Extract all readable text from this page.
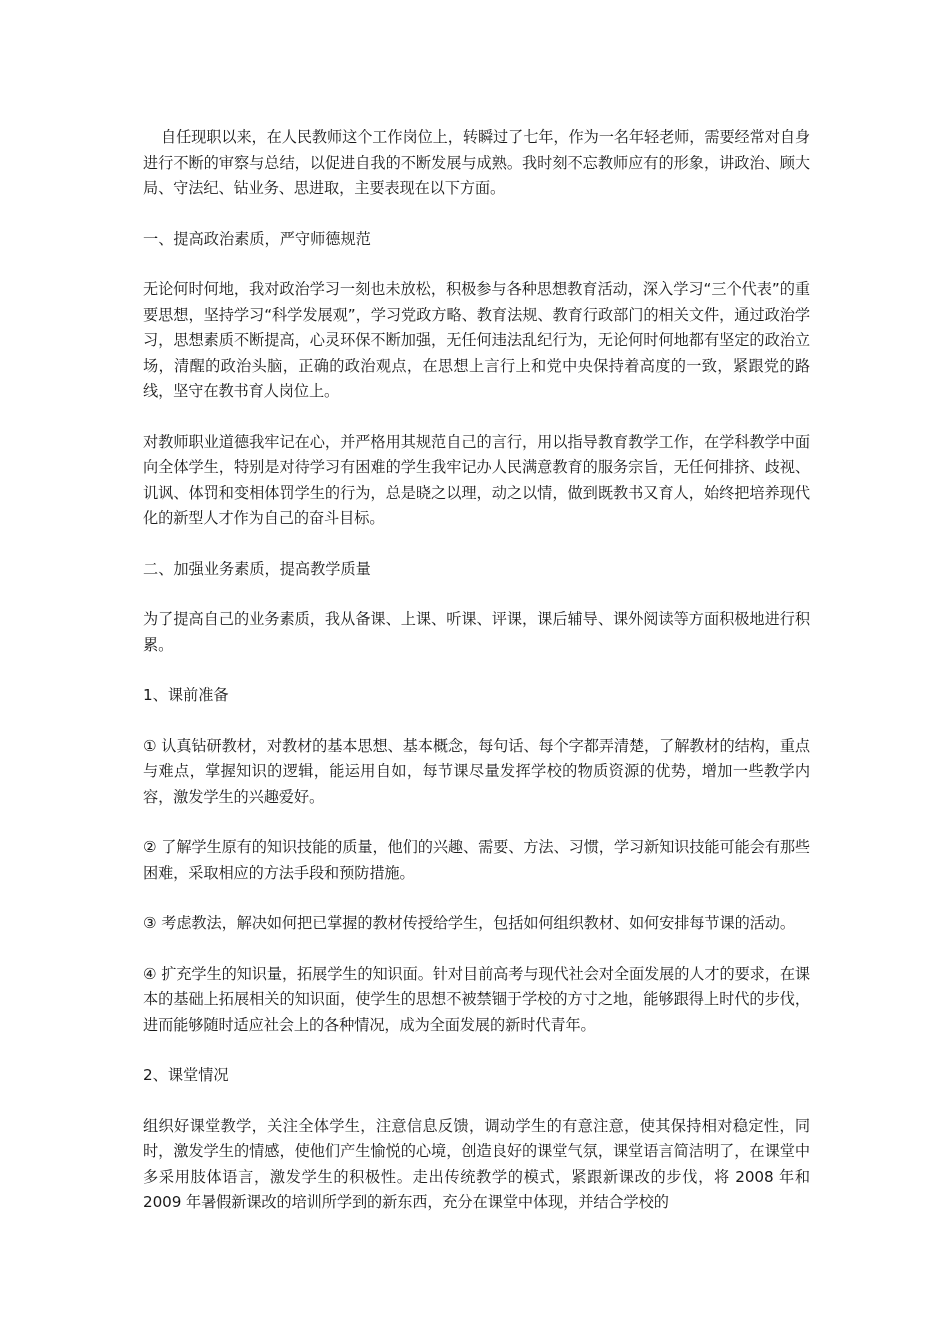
自任现职以来，在人民教师这个工作岗位上，转瞬过了七年，作为一名年轻老师，需要经常对自身进行不断的审察与总结，以促进自我的不断发展与成熟。我时刻不忘教师应有的形象，讲政治、顾大局、守法纪、钻业务、思进取，主要表现在以下方面。

一、提高政治素质，严守师德规范

无论何时何地，我对政治学习一刻也未放松，积极参与各种思想教育活动，深入学习“三个代表”的重要思想，坚持学习“科学发展观”，学习党政方略、教育法规、教育行政部门的相关文件，通过政治学习，思想素质不断提高，心灵环保不断加强，无任何违法乱纪行为，无论何时何地都有坚定的政治立场，清醒的政治头脑，正确的政治观点，在思想上言行上和党中央保持着高度的一致，紧跟党的路线，坚守在教书育人岗位上。

对教师职业道德我牢记在心，并严格用其规范自己的言行，用以指导教育教学工作，在学科教学中面向全体学生，特别是对待学习有困难的学生我牢记办人民满意教育的服务宗旨，无任何排挤、歧视、讥讽、体罚和变相体罚学生的行为，总是晓之以理，动之以情，做到既教书又育人，始终把培养现代化的新型人才作为自己的奋斗目标。

二、加强业务素质，提高教学质量

为了提高自己的业务素质，我从备课、上课、听课、评课，课后辅导、课外阅读等方面积极地进行积累。

1、课前准备

① 认真钻研教材，对教材的基本思想、基本概念，每句话、每个字都弄清楚，了解教材的结构，重点与难点，掌握知识的逻辑，能运用自如，每节课尽量发挥学校的物质资源的优势，增加一些教学内容，激发学生的兴趣爱好。

② 了解学生原有的知识技能的质量，他们的兴趣、需要、方法、习惯，学习新知识技能可能会有那些困难，采取相应的方法手段和预防措施。

③ 考虑教法，解决如何把已掌握的教材传授给学生，包括如何组织教材、如何安排每节课的活动。

④ 扩充学生的知识量，拓展学生的知识面。针对目前高考与现代社会对全面发展的人才的要求，在课本的基础上拓展相关的知识面，使学生的思想不被禁锢于学校的方寸之地，能够跟得上时代的步伐，进而能够随时适应社会上的各种情况，成为全面发展的新时代青年。

2、课堂情况

组织好课堂教学，关注全体学生，注意信息反馈，调动学生的有意注意，使其保持相对稳定性，同时，激发学生的情感，使他们产生愉悦的心境，创造良好的课堂气氛，课堂语言简洁明了，在课堂中多采用肢体语言，激发学生的积极性。走出传统教学的模式，紧跟新课改的步伐，将 2008 年和 2009 年暑假新课改的培训所学到的新东西，充分在课堂中体现，并结合学校的
